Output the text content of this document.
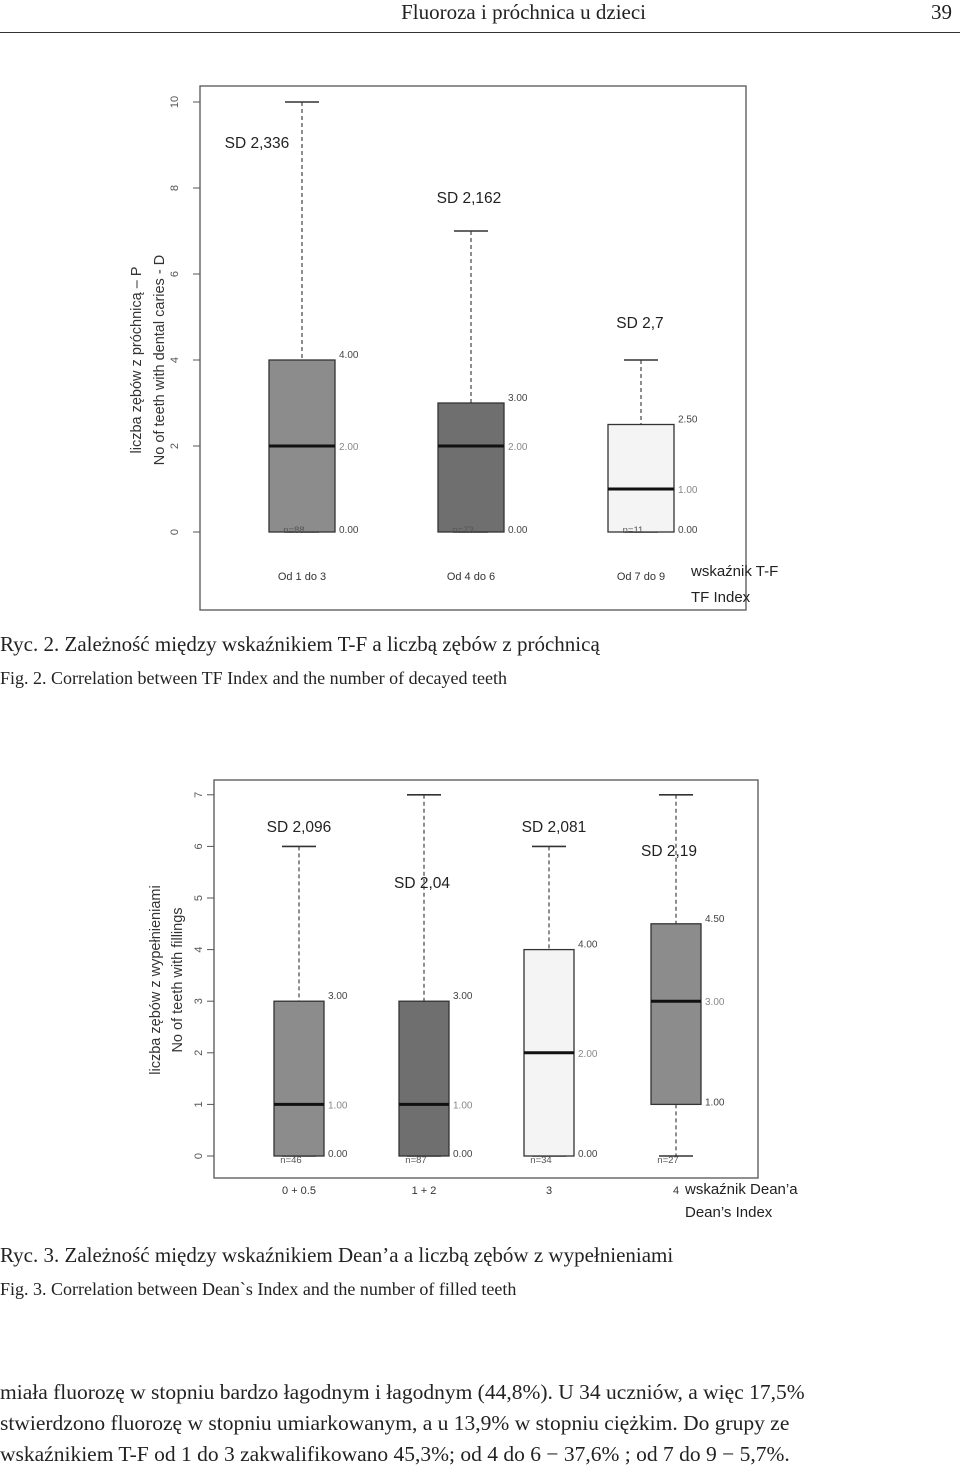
Fluoroza i próchnica u dzieci	39
0
2
4
6
8
10
liczba zębów z próchnicą – P No of teeth with dental caries - D
wskaźnik T-F
TF Index
4.00
2.00
0.00
n=88
Od 1 do 3
SD 2,336
3.00
2.00
0.00
n=73
Od 4 do 6
SD 2,162
2.50
1.00
0.00
n=11
Od 7 do 9
SD 2,7
Ryc. 2. Zależność między wskaźnikiem T-F a liczbą zębów z próchnicą
Fig. 2. Correlation between TF Index and the number of decayed teeth
0
1
2
3
4
5
6
7
liczba zębów z wypełnieniami No of teeth with fillings
wskaźnik Dean’a
Dean’s Index
3.00
1.00
0.00
n=46
0 + 0.5
SD 2,096
3.00
1.00
0.00
n=87
1 + 2
SD 2,04
4.00
2.00
0.00
n=34
3
SD 2,081
4.50
3.00
1.00
n=27
4
SD 2,19
Ryc. 3. Zależność między wskaźnikiem Dean’a a liczbą zębów z wypełnieniami
Fig. 3. Correlation between Dean`s Index and the number of filled teeth
miała fluorozę w stopniu bardzo łagodnym i łagodnym (44,8%). U 34 uczniów, a więc 17,5%
stwierdzono fluorozę w stopniu umiarkowanym, a u 13,9% w stopniu ciężkim. Do grupy ze
wskaźnikiem T-F od 1 do 3 zakwalifikowano 45,3%; od 4 do 6 − 37,6% ; od 7 do 9 − 5,7%.
